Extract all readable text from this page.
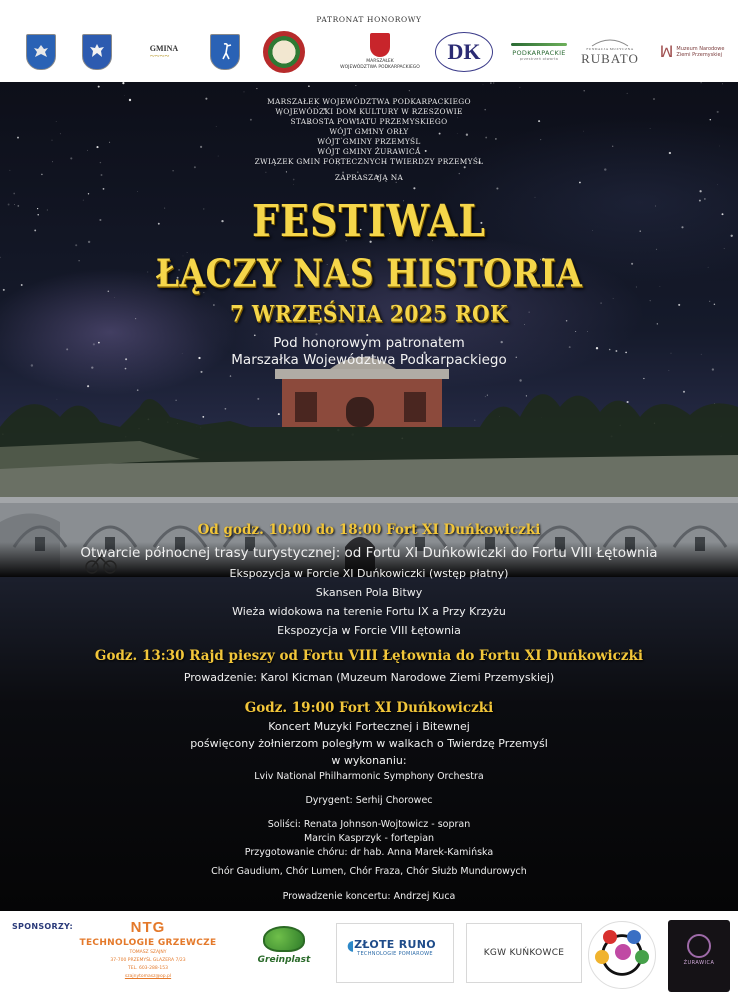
PATRONAT HONOROWY
GMINA
~~~~
MARSZAŁEK
WOJEWÓDZTWA PODKARPACKIEGO
DK	PODKARPACKIE
przestrzeń otwarta
FUNDACJA MUZYCZNA
RUBATO ꟽ Muzeum Narodowe
Ziemi Przemyskiej
MARSZAŁEK WOJEWÓDZTWA PODKARPACKIEGO
WOJEWÓDZKI DOM KULTURY W RZESZOWIE
STAROSTA POWIATU PRZEMYSKIEGO
WÓJT GMINY ORŁY
WÓJT GMINY PRZEMYŚL
WÓJT GMINY ŻURAWICA
ZWIĄZEK GMIN FORTECZNYCH TWIERDZY PRZEMYŚL
ZAPRASZAJĄ NA
FESTIWAL
ŁĄCZY NAS HISTORIA
7 WRZEŚNIA 2025 ROK
Pod honorowym patronatem
Marszałka Województwa Podkarpackiego
Od godz. 10:00 do 18:00 Fort XI Duńkowiczki
Otwarcie północnej trasy turystycznej: od Fortu XI Duńkowiczki do Fortu VIII Łętownia
Ekspozycja w Forcie XI Duńkowiczki (wstęp płatny)
Skansen Pola Bitwy
Wieża widokowa na terenie Fortu IX a Przy Krzyżu
Ekspozycja w Forcie VIII Łętownia
Godz. 13:30 Rajd pieszy od Fortu VIII Łętownia do Fortu XI Duńkowiczki
Prowadzenie: Karol Kicman (Muzeum Narodowe Ziemi Przemyskiej)
Godz. 19:00 Fort XI Duńkowiczki
Koncert Muzyki Fortecznej i Bitewnej
poświęcony żołnierzom poległym w walkach o Twierdzę Przemyśl
w wykonaniu:
Lviv National Philharmonic Symphony Orchestra
Dyrygent: Serhij Chorowec
Soliści: Renata Johnson-Wojtowicz - sopran
Marcin Kasprzyk - fortepian
Przygotowanie chóru: dr hab. Anna Marek-Kamińska
Chór Gaudium, Chór Lumen, Chór Fraza, Chór Służb Mundurowych
Prowadzenie koncertu: Andrzej Kuca
SPONSORZY:	NTG
TECHNOLOGIE GRZEWCZE
TOMASZ SZAJNY
37-700 PRZEMYŚL GLAZERA 7/23
TEL. 603-288-153
szajnytomasz@op.pl
Greinplast
◖ ZŁOTE RUNO
TECHNOLOGIE POMIAROWE	KGW KUŃKOWCE
ŻURAWICA
